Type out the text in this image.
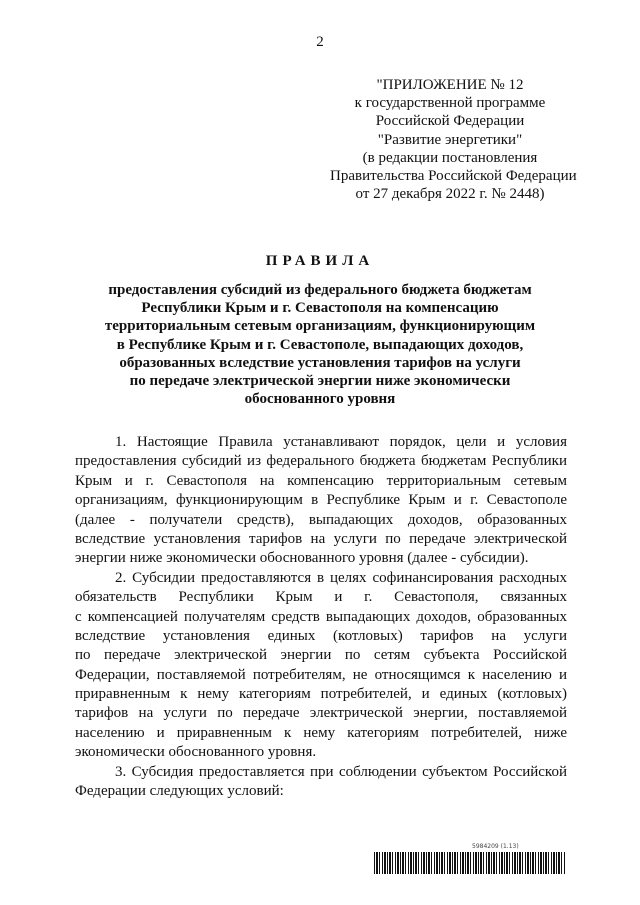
2
"ПРИЛОЖЕНИЕ № 12
к государственной программе
Российской Федерации
"Развитие энергетики"
(в редакции постановления
Правительства Российской Федерации
от 27 декабря 2022 г. № 2448)
ПРАВИЛА
предоставления субсидий из федерального бюджета бюджетам
Республики Крым и г. Севастополя на компенсацию
территориальным сетевым организациям, функционирующим
в Республике Крым и г. Севастополе, выпадающих доходов,
образованных вследствие установления тарифов на услуги
по передаче электрической энергии ниже экономически
обоснованного уровня
1. Настоящие Правила устанавливают порядок, цели и условия
предоставления субсидий из федерального бюджета бюджетам Республики
Крым и г. Севастополя на компенсацию территориальным сетевым
организациям, функционирующим в Республике Крым и г. Севастополе
(далее - получатели средств), выпадающих доходов, образованных
вследствие установления тарифов на услуги по передаче электрической
энергии ниже экономически обоснованного уровня (далее - субсидии).
2. Субсидии предоставляются в целях софинансирования расходных
обязательств Республики Крым и г. Севастополя, связанных
с компенсацией получателям средств выпадающих доходов, образованных
вследствие установления единых (котловых) тарифов на услуги
по передаче электрической энергии по сетям субъекта Российской
Федерации, поставляемой потребителям, не относящимся к населению и
приравненным к нему категориям потребителей, и единых (котловых)
тарифов на услуги по передаче электрической энергии, поставляемой
населению и приравненным к нему категориям потребителей, ниже
экономически обоснованного уровня.
3. Субсидия предоставляется при соблюдении субъектом Российской
Федерации следующих условий:
5984209 (1.13)
